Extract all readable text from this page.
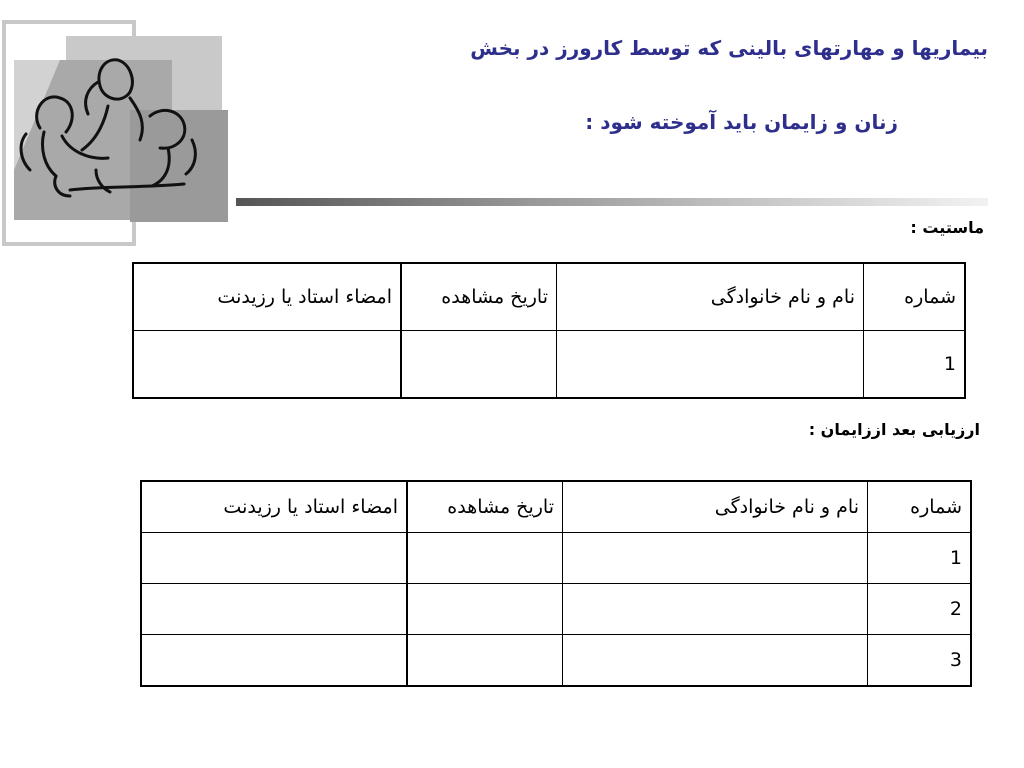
بیماریها و مهارتهای بالینی که توسط کارورز در بخش
زنان و زایمان باید آموخته شود :
ماستیت :
شماره	نام و نام خانوادگی	تاریخ مشاهده	امضاء استاد یا رزیدنت
1			
ارزیابی بعد اززایمان :
شماره	نام و نام خانوادگی	تاریخ مشاهده	امضاء استاد یا رزیدنت
1			
2			
3			
